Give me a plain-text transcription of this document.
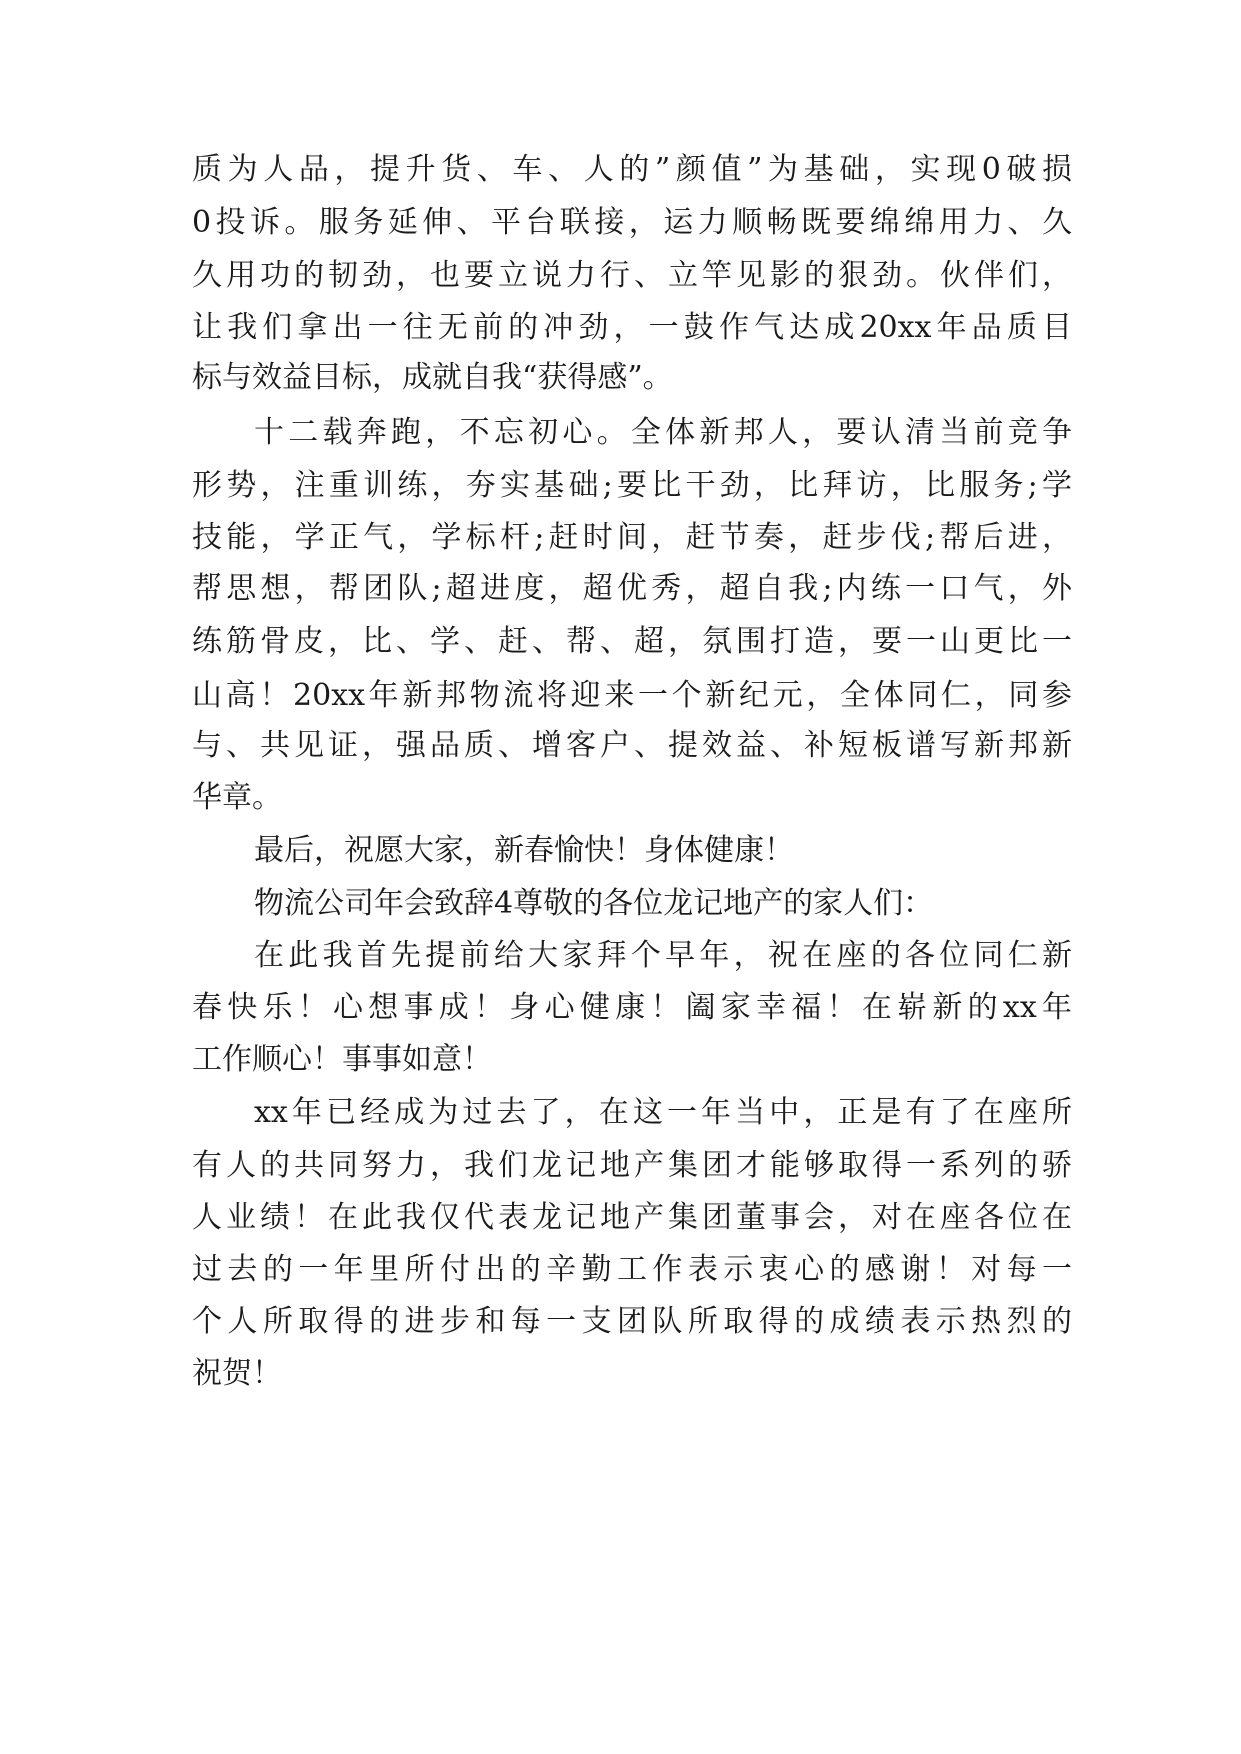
质为人品，提升货、车、人的”颜值”为基础，实现0破损
0投诉。服务延伸、平台联接，运力顺畅既要绵绵用力、久
久用功的韧劲，也要立说力行、立竿见影的狠劲。伙伴们，
让我们拿出一往无前的冲劲，一鼓作气达成20xx年品质目
标与效益目标，成就自我“获得感”。
十二载奔跑，不忘初心。全体新邦人，要认清当前竞争
形势，注重训练，夯实基础;要比干劲，比拜访，比服务;学
技能，学正气，学标杆;赶时间，赶节奏，赶步伐;帮后进，
帮思想，帮团队;超进度，超优秀，超自我;内练一口气，外
练筋骨皮，比、学、赶、帮、超，氛围打造，要一山更比一
山高！20xx年新邦物流将迎来一个新纪元，全体同仁，同参
与、共见证，强品质、增客户、提效益、补短板谱写新邦新
华章。
最后，祝愿大家，新春愉快！身体健康！
物流公司年会致辞4尊敬的各位龙记地产的家人们：
在此我首先提前给大家拜个早年，祝在座的各位同仁新
春快乐！心想事成！身心健康！阖家幸福！在崭新的xx年
工作顺心！事事如意！
xx年已经成为过去了，在这一年当中，正是有了在座所
有人的共同努力，我们龙记地产集团才能够取得一系列的骄
人业绩！在此我仅代表龙记地产集团董事会，对在座各位在
过去的一年里所付出的辛勤工作表示衷心的感谢！对每一
个人所取得的进步和每一支团队所取得的成绩表示热烈的
祝贺！
